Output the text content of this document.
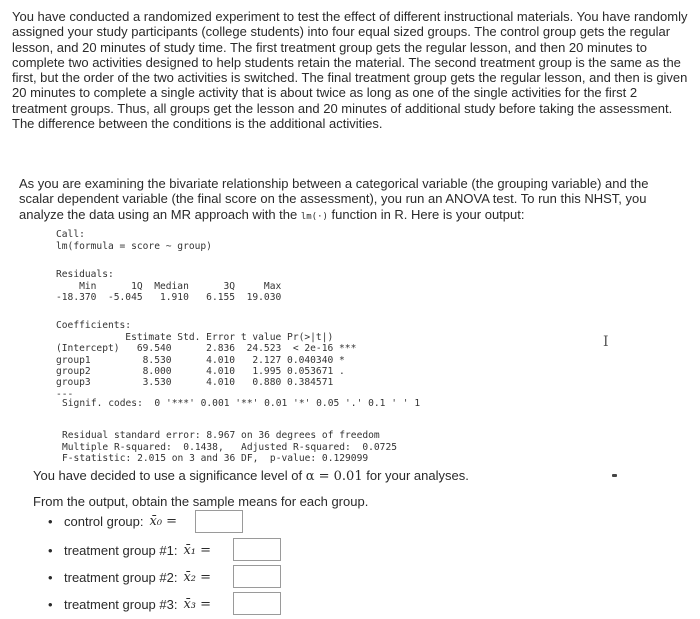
You have conducted a randomized experiment to test the effect of different instructional materials. You have randomly assigned your study participants (college students) into four equal sized groups. The control group gets the regular lesson, and 20 minutes of study time. The first treatment group gets the regular lesson, and then 20 minutes to complete two activities designed to help students retain the material. The second treatment group is the same as the first, but the order of the two activities is switched. The final treatment group gets the regular lesson, and then is given 20 minutes to complete a single activity that is about twice as long as one of the single activities for the first 2 treatment groups. Thus, all groups get the lesson and 20 minutes of additional study before taking the assessment. The difference between the conditions is the additional activities.
As you are examining the bivariate relationship between a categorical variable (the grouping variable) and the scalar dependent variable (the final score on the assessment), you run an ANOVA test. To run this NHST, you analyze the data using an MR approach with the lm(·) function in R. Here is your output:

Call:
lm(formula = score ~ group)

Residuals:
Min      1Q  Median      3Q     Max
-18.370  -5.045   1.910   6.155  19.030

Coefficients:
Estimate Std. Error t value Pr(>|t|)
(Intercept)   69.540      2.836  24.523  < 2e-16 ***
group1         8.530      4.010   2.127 0.040340 *
group2         8.000      4.010   1.995 0.053671 .
group3         3.530      4.010   0.880 0.384571
---

Signif. codes:  0 '***' 0.001 '**' 0.01 '*' 0.05 '.' 0.1 ' ' 1

Residual standard error: 8.967 on 36 degrees of freedom
Multiple R-squared:  0.1438,   Adjusted R-squared:  0.0725
F-statistic: 2.015 on 3 and 36 DF,  p-value: 0.129099

You have decided to use a significance level of α = 0.01 for your analyses.
From the output, obtain the sample means for each group.
• control group: x̄₀ =
• treatment group #1: x̄₁ =
• treatment group #2: x̄₂ =
• treatment group #3: x̄₃ =
I
